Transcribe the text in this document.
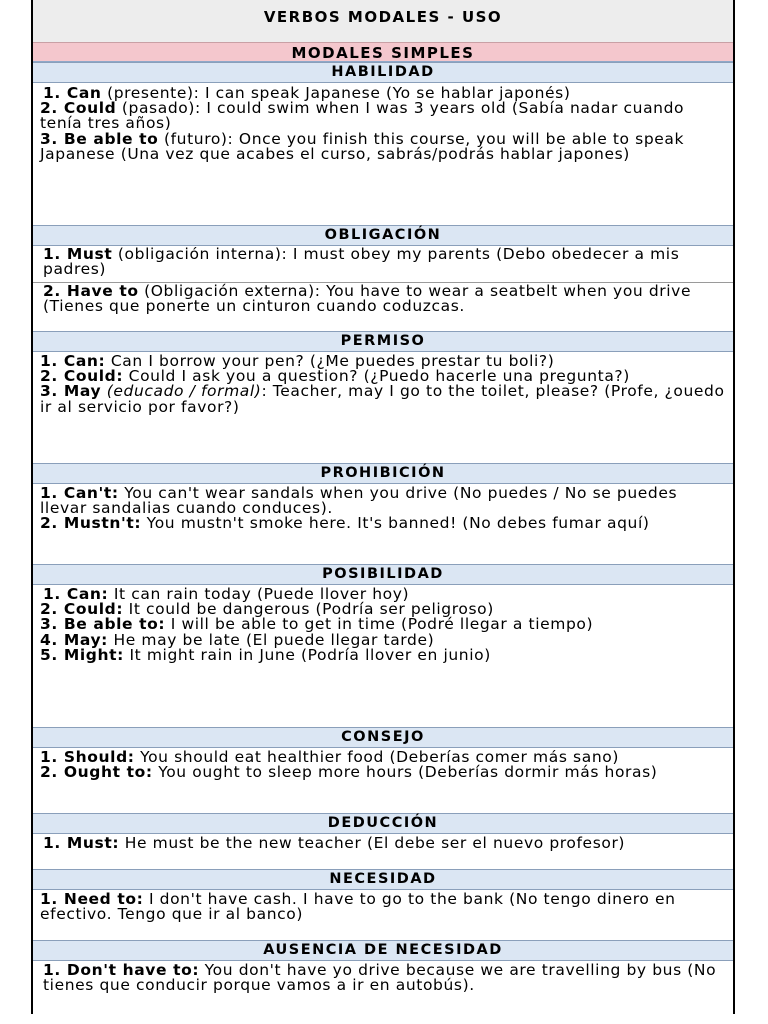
VERBOS MODALES - USO
MODALES SIMPLES
HABILIDAD
1. Can (presente): I can speak Japanese (Yo se hablar japonés)
2. Could (pasado): I could swim when I was 3 years old (Sabía nadar cuando tenía tres años)
3. Be able to (futuro): Once you finish this course, you will be able to speak Japanese (Una vez que acabes el curso, sabrás/podrás hablar japones)
OBLIGACIÓN
1. Must (obligación interna): I must obey my parents (Debo obedecer a mis padres)
2. Have to (Obligación externa): You have to wear a seatbelt when you drive (Tienes que ponerte un cinturon cuando coduzcas.
PERMISO
1. Can: Can I borrow your pen? (¿Me puedes prestar tu boli?)
2. Could: Could I ask you a question? (¿Puedo hacerle una pregunta?)
3. May (educado / formal): Teacher, may I go to the toilet, please? (Profe, ¿ouedo ir al servicio por favor?)
PROHIBICIÓN
1. Can't: You can't wear sandals when you drive (No puedes / No se puedes llevar sandalias cuando conduces).
2. Mustn't: You mustn't smoke here. It's banned! (No debes fumar aquí)
POSIBILIDAD
1. Can: It can rain today (Puede llover hoy)
2. Could: It could be dangerous (Podría ser peligroso)
3. Be able to: I will be able to get in time (Podré llegar a tiempo)
4. May: He may be late (El puede llegar tarde)
5. Might: It might rain in June (Podría llover en junio)
CONSEJO
1. Should: You should eat healthier food (Deberías comer más sano)
2. Ought to: You ought to sleep more hours (Deberías dormir más horas)
DEDUCCIÓN
1. Must: He must be the new teacher (El debe ser el nuevo profesor)
NECESIDAD
1. Need to: I don't have cash. I have to go to the bank (No tengo dinero en efectivo. Tengo que ir al banco)
AUSENCIA DE NECESIDAD
1. Don't have to: You don't have yo drive because we are travelling by bus (No tienes que conducir porque vamos a ir en autobús).
